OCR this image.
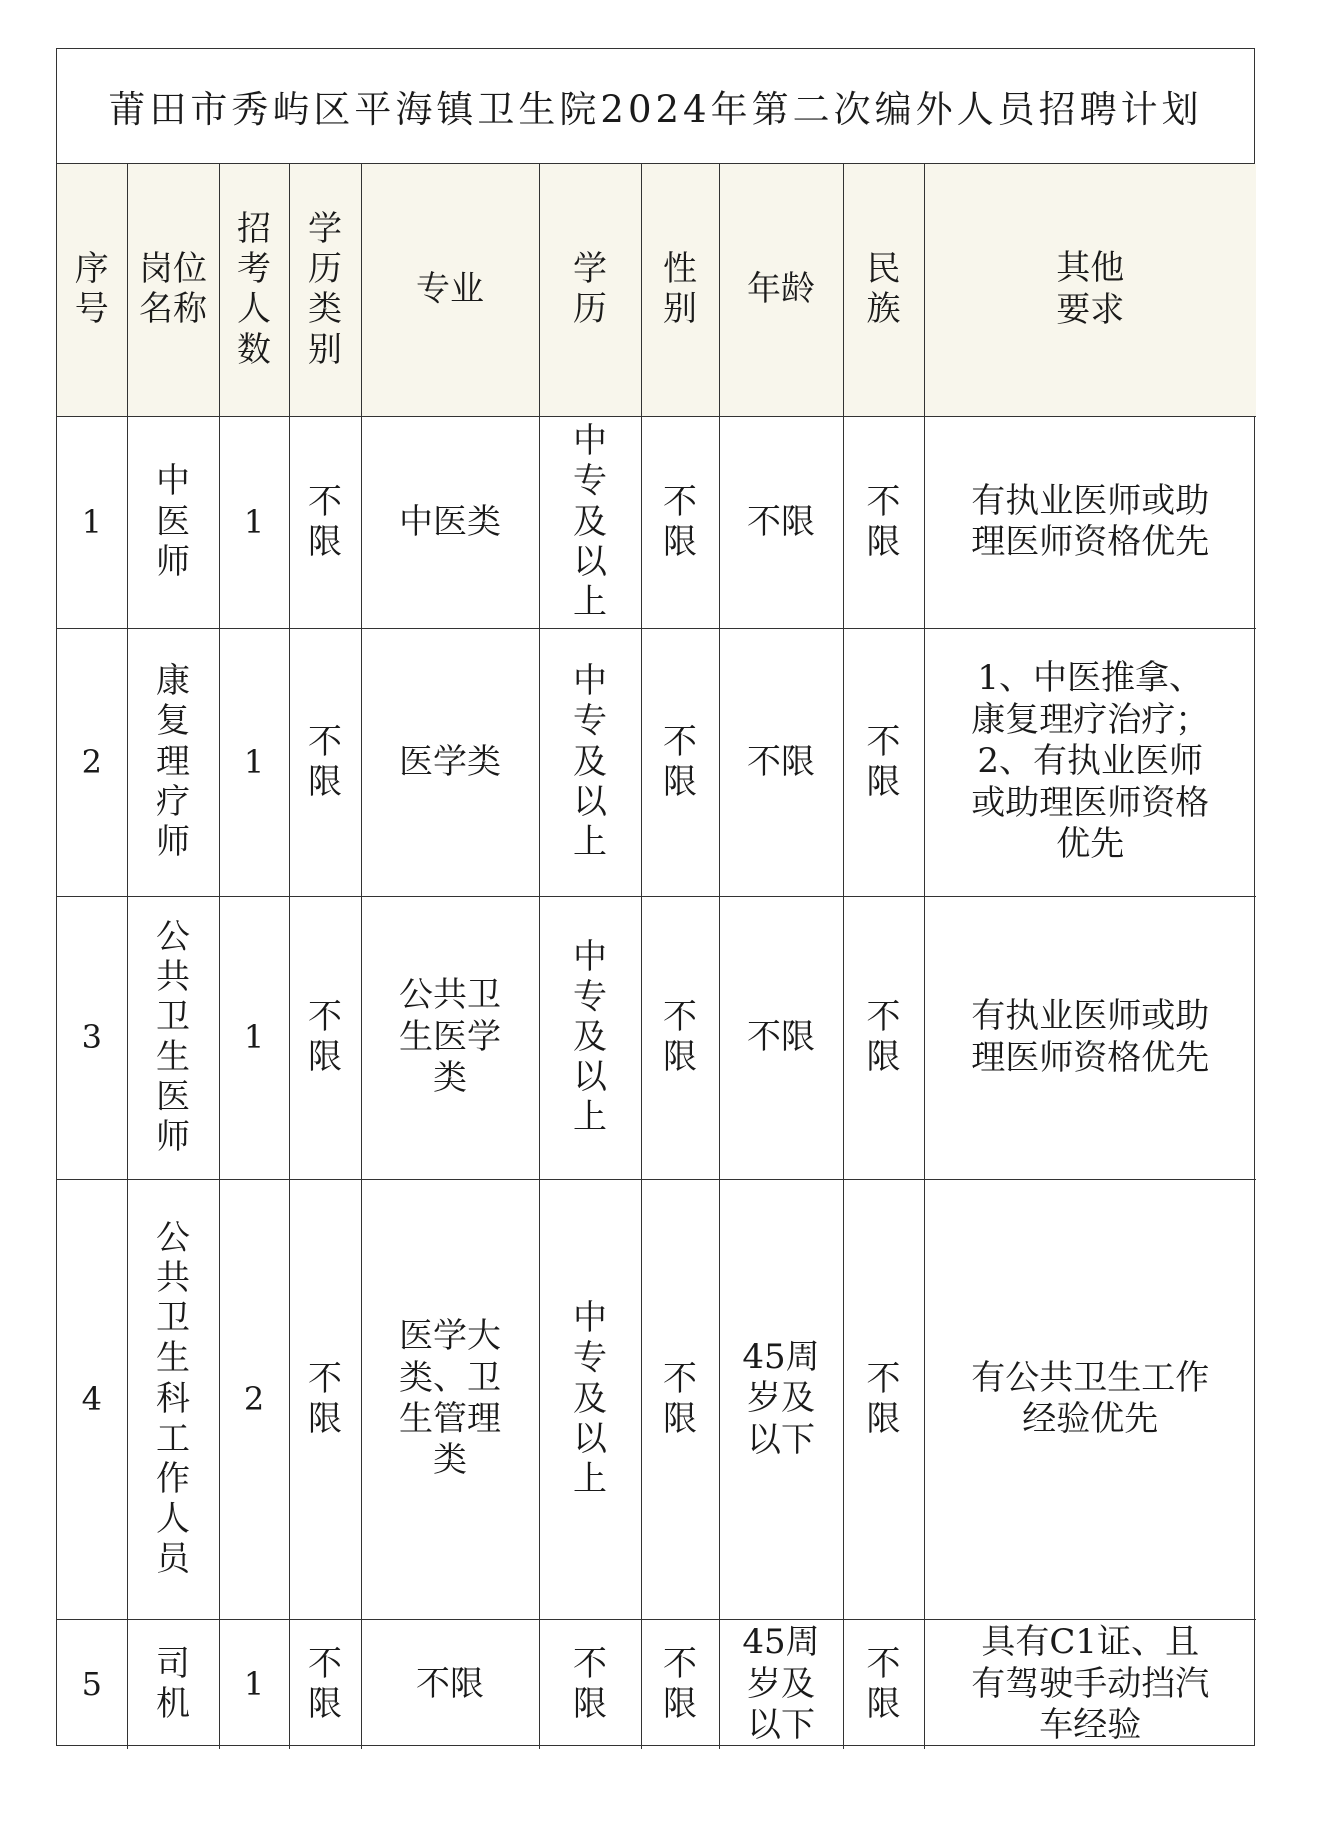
莆田市秀屿区平海镇卫生院2024年第二次编外人员招聘计划
序号	岗位名称	招考人数	学历类别	专业	学历	性别	年龄	民族	其他要求
1	中医师	1	不限	中医类	中专及以上	不限	不限	不限	有执业医师或助理医师资格优先
2	康复理疗师	1	不限	医学类	中专及以上	不限	不限	不限	1、中医推拿、康复理疗治疗；2、有执业医师或助理医师资格优先
3	公共卫生医师	1	不限	公共卫生医学类	中专及以上	不限	不限	不限	有执业医师或助理医师资格优先
4	公共卫生科工作人员	2	不限	医学大类、卫生管理类	中专及以上	不限	45周岁及以下	不限	有公共卫生工作经验优先
5	司机	1	不限	不限	不限	不限	45周岁及以下	不限	具有C1证、且有驾驶手动挡汽车经验
